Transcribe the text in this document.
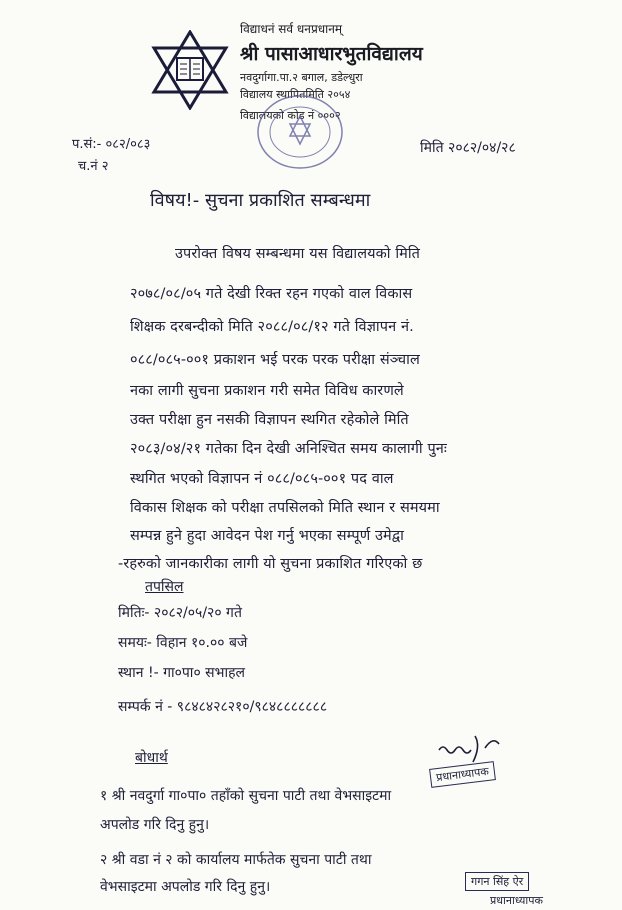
विद्याधनं सर्व धनप्रधानम्
श्री पासाआधारभुतविद्यालय
नवदुर्गागा.पा.२ बगाल, डडेल्धुरा
विद्यालय स्थापितमिति २०५४
विद्यालयको कोड नं ०००२
प.सं:- ०८२/०८३
च.नं २
मिति २०८२/०४/२८
विषय!- सुचना प्रकाशित सम्बन्धमा
उपरोक्त विषय सम्बन्धमा यस विद्यालयको मिति
२०७८/०८/०५ गते देखी रिक्त रहन गएको वाल विकास
शिक्षक दरबन्दीको मिति २०८८/०८/१२ गते विज्ञापन नं.
०८८/०८५-००१ प्रकाशन भई परक परक परीक्षा संञ्चाल
नका लागी सुचना प्रकाशन गरी समेत विविध कारणले
उक्त परीक्षा हुन नसकी विज्ञापन स्थगित रहेकोले मिति
२०८३/०४/२१ गतेका दिन देखी अनिश्चित समय कालागी पुनः
स्थगित भएको विज्ञापन नं ०८८/०८५-००१ पद वाल
विकास शिक्षक को परीक्षा तपसिलको मिति स्थान र समयमा
सम्पन्न हुने हुदा आवेदन पेश गर्नु भएका सम्पूर्ण उमेद्वा
-रहरुको जानकारीका लागी यो सुचना प्रकाशित गरिएको छ
तपसिल
मितिः- २०८२/०५/२० गते
समयः- विहान १०.०० बजे
स्थान !- गा०पा० सभाहल
सम्पर्क नं - ९८४८४२८२१०/९८४८८८८८८८
बोधार्थ
१ श्री नवदुर्गा गा०पा० तहाँको सुचना पाटी तथा वेभसाइटमा
अपलोड गरि दिनु हुनु।
२ श्री वडा नं २ को कार्यालय मार्फतेक सुचना पाटी तथा
वेभसाइटमा अपलोड गरि दिनु हुनु।
प्रधानाध्यापक
गगन सिंह ऐर
प्रधानाध्यापक
